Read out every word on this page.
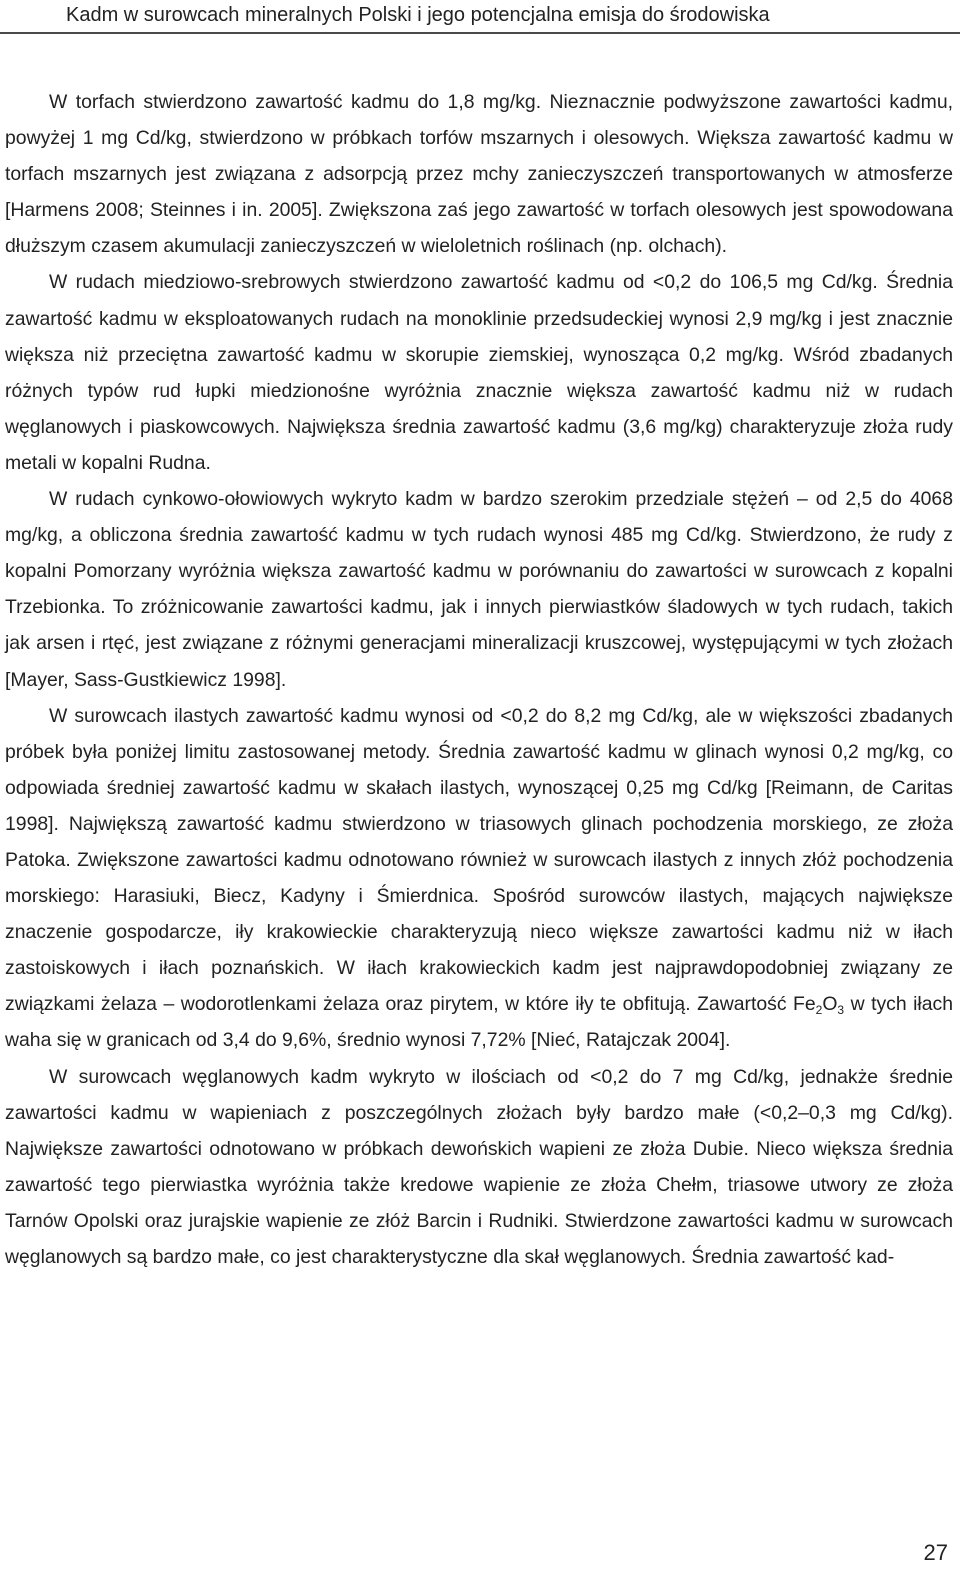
Kadm w surowcach mineralnych Polski i jego potencjalna emisja do środowiska

W torfach stwierdzono zawartość kadmu do 1,8 mg/kg. Nieznacznie podwyższone zawartości kadmu, powyżej 1 mg Cd/kg, stwierdzono w próbkach torfów mszarnych i olesowych. Większa zawartość kadmu w torfach mszarnych jest związana z adsorpcją przez mchy zanieczyszczeń transportowanych w atmosferze [Harmens 2008; Steinnes i in. 2005]. Zwiększona zaś jego zawartość w torfach olesowych jest spowodowana dłuższym czasem akumulacji zanieczyszczeń w wieloletnich roślinach (np. olchach).

W rudach miedziowo-srebrowych stwierdzono zawartość kadmu od <0,2 do 106,5 mg Cd/kg. Średnia zawartość kadmu w eksploatowanych rudach na monoklinie przedsudeckiej wynosi 2,9 mg/kg i jest znacznie większa niż przeciętna zawartość kadmu w skorupie ziemskiej, wynosząca 0,2 mg/kg. Wśród zbadanych różnych typów rud łupki miedzionośne wyróżnia znacznie większa zawartość kadmu niż w rudach węglanowych i piaskowcowych. Największa średnia zawartość kadmu (3,6 mg/kg) charakteryzuje złoża rudy metali w kopalni Rudna.

W rudach cynkowo-ołowiowych wykryto kadm w bardzo szerokim przedziale stężeń – od 2,5 do 4068 mg/kg, a obliczona średnia zawartość kadmu w tych rudach wynosi 485 mg Cd/kg. Stwierdzono, że rudy z kopalni Pomorzany wyróżnia większa zawartość kadmu w porównaniu do zawartości w surowcach z kopalni Trzebionka. To zróżnicowanie zawartości kadmu, jak i innych pierwiastków śladowych w tych rudach, takich jak arsen i rtęć, jest związane z różnymi generacjami mineralizacji kruszcowej, występującymi w tych złożach [Mayer, Sass-Gustkiewicz 1998].

W surowcach ilastych zawartość kadmu wynosi od <0,2 do 8,2 mg Cd/kg, ale w większości zbadanych próbek była poniżej limitu zastosowanej metody. Średnia zawartość kadmu w glinach wynosi 0,2 mg/kg, co odpowiada średniej zawartość kadmu w skałach ilastych, wynoszącej 0,25 mg Cd/kg [Reimann, de Caritas 1998]. Największą zawartość kadmu stwierdzono w triasowych glinach pochodzenia morskiego, ze złoża Patoka. Zwiększone zawartości kadmu odnotowano również w surowcach ilastych z innych złóż pochodzenia morskiego: Harasiuki, Biecz, Kadyny i Śmierdnica. Spośród surowców ilastych, mających największe znaczenie gospodarcze, iły krakowieckie charakteryzują nieco większe zawartości kadmu niż w iłach zastoiskowych i iłach poznańskich. W iłach krakowieckich kadm jest najprawdopodobniej związany ze związkami żelaza – wodorotlenkami żelaza oraz pirytem, w które iły te obfitują. Zawartość $Fe_2O_3$ w tych iłach waha się w granicach od 3,4 do 9,6%, średnio wynosi 7,72% [Nieć, Ratajczak 2004].

W surowcach węglanowych kadm wykryto w ilościach od <0,2 do 7 mg Cd/kg, jednakże średnie zawartości kadmu w wapieniach z poszczególnych złożach były bardzo małe (<0,2–0,3 mg Cd/kg). Największe zawartości odnotowano w próbkach dewońskich wapieni ze złoża Dubie. Nieco większa średnia zawartość tego pierwiastka wyróżnia także kredowe wapienie ze złoża Chełm, triasowe utwory ze złoża Tarnów Opolski oraz jurajskie wapienie ze złóż Barcin i Rudniki. Stwierdzone zawartości kadmu w surowcach węglanowych są bardzo małe, co jest charakterystyczne dla skał węglanowych. Średnia zawartość kad-

27
